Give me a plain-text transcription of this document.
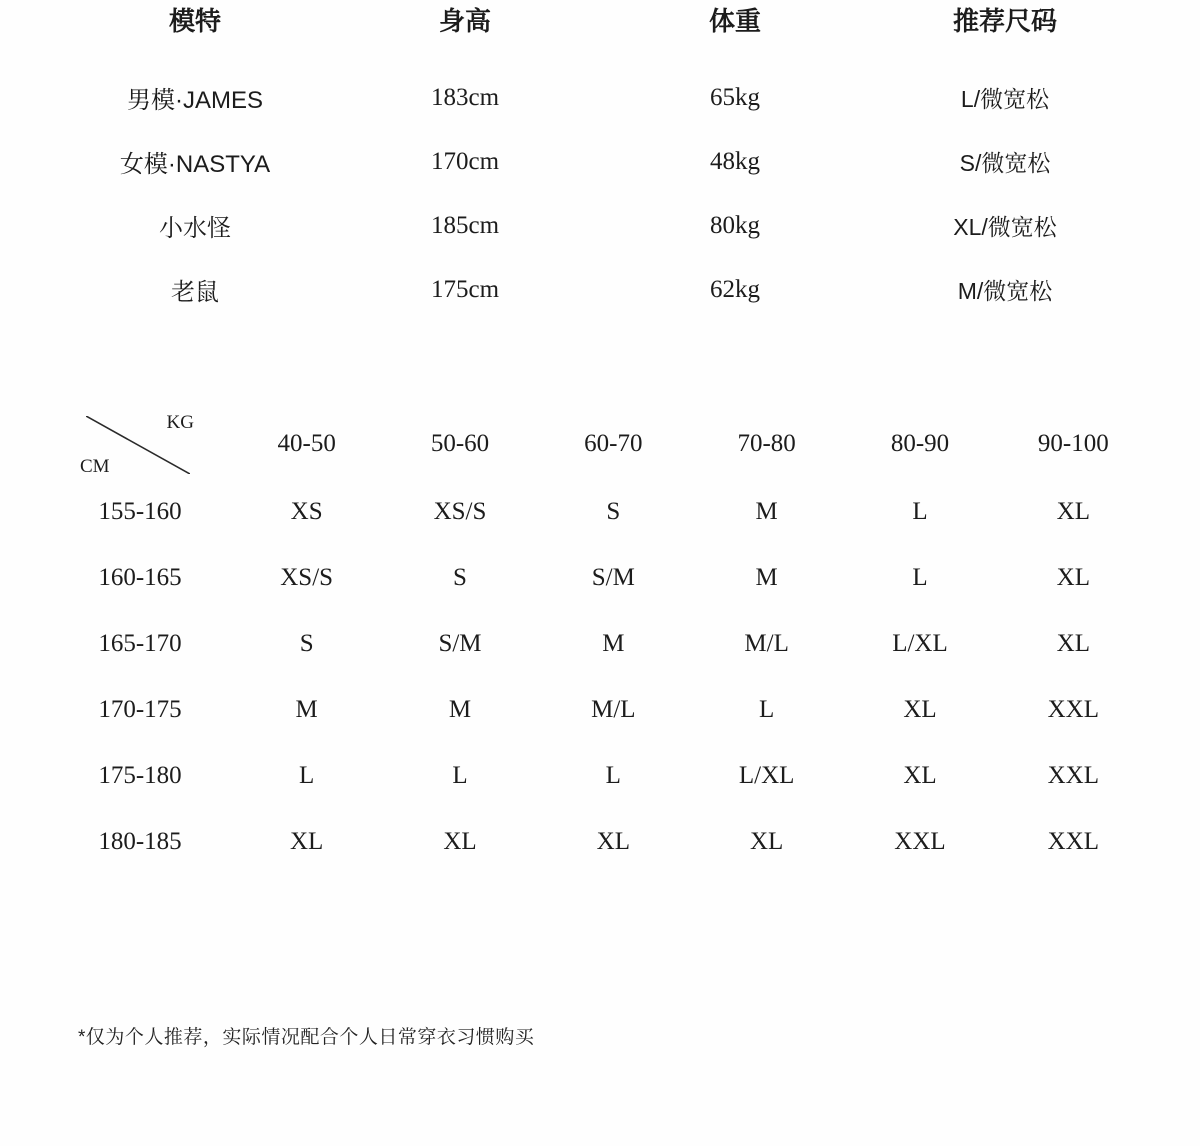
模特	身高	体重	推荐尺码
男模·JAMES	183cm	65kg	L/微宽松
女模·NASTYA	170cm	48kg	S/微宽松
小水怪	185cm	80kg	XL/微宽松
老鼠	175cm	62kg	M/微宽松
KG
CM	40-50	50-60	60-70	70-80	80-90	90-100
155-160	XS	XS/S	S	M	L	XL
160-165	XS/S	S	S/M	M	L	XL
165-170	S	S/M	M	M/L	L/XL	XL
170-175	M	M	M/L	L	XL	XXL
175-180	L	L	L	L/XL	XL	XXL
180-185	XL	XL	XL	XL	XXL	XXL
*仅为个人推荐，实际情况配合个人日常穿衣习惯购买
